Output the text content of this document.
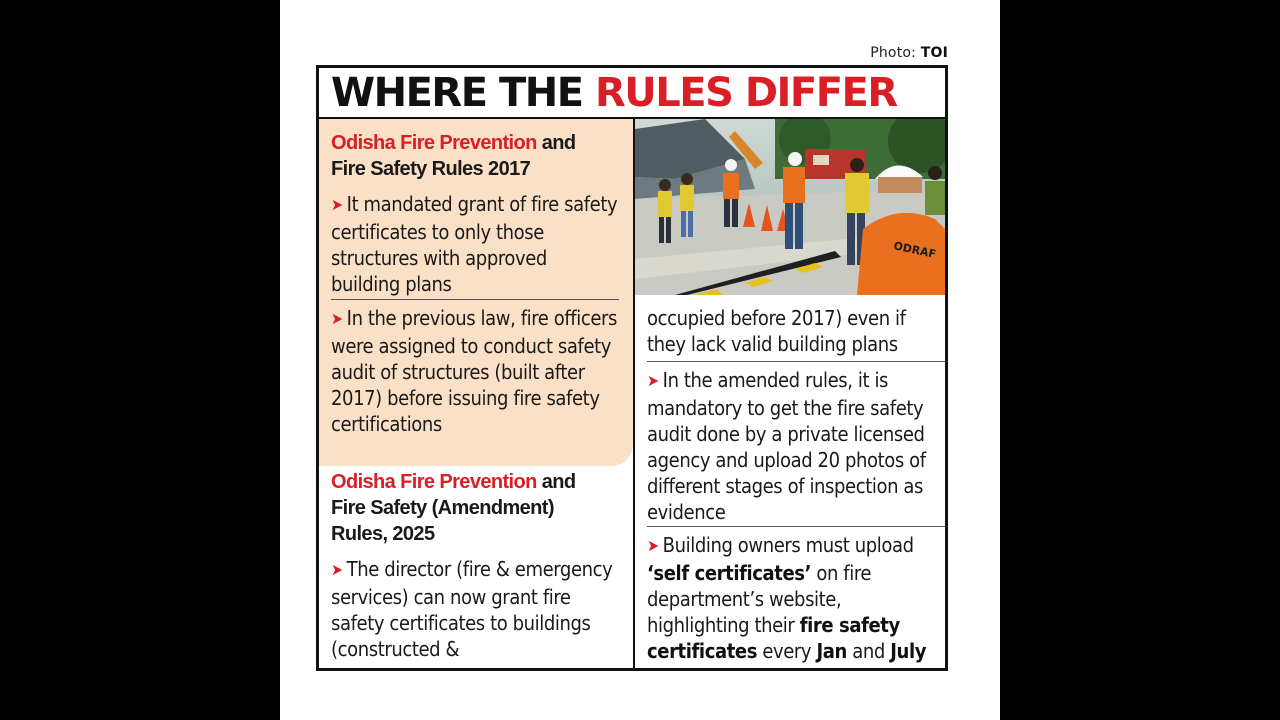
Photo: TOI
WHERE THE RULES DIFFER
Odisha Fire Prevention and
Fire Safety Rules 2017
➤ It mandated grant of fire safety certificates to only those structures with approved building plans
➤ In the previous law, fire officers were assigned to conduct safety audit of structures (built after 2017) before issuing fire safety certifications
Odisha Fire Prevention and
Fire Safety (Amendment)
Rules, 2025
➤ The director (fire & emergency services) can now grant fire safety certificates to buildings (constructed &
ODRAF
occupied before 2017) even if they lack valid building plans
➤ In the amended rules, it is mandatory to get the fire safety audit done by a private licensed agency and upload 20 photos of different stages of inspection as evidence
➤ Building owners must upload ‘self certificates’ on fire department’s website, highlighting their fire safety certificates every Jan and July
